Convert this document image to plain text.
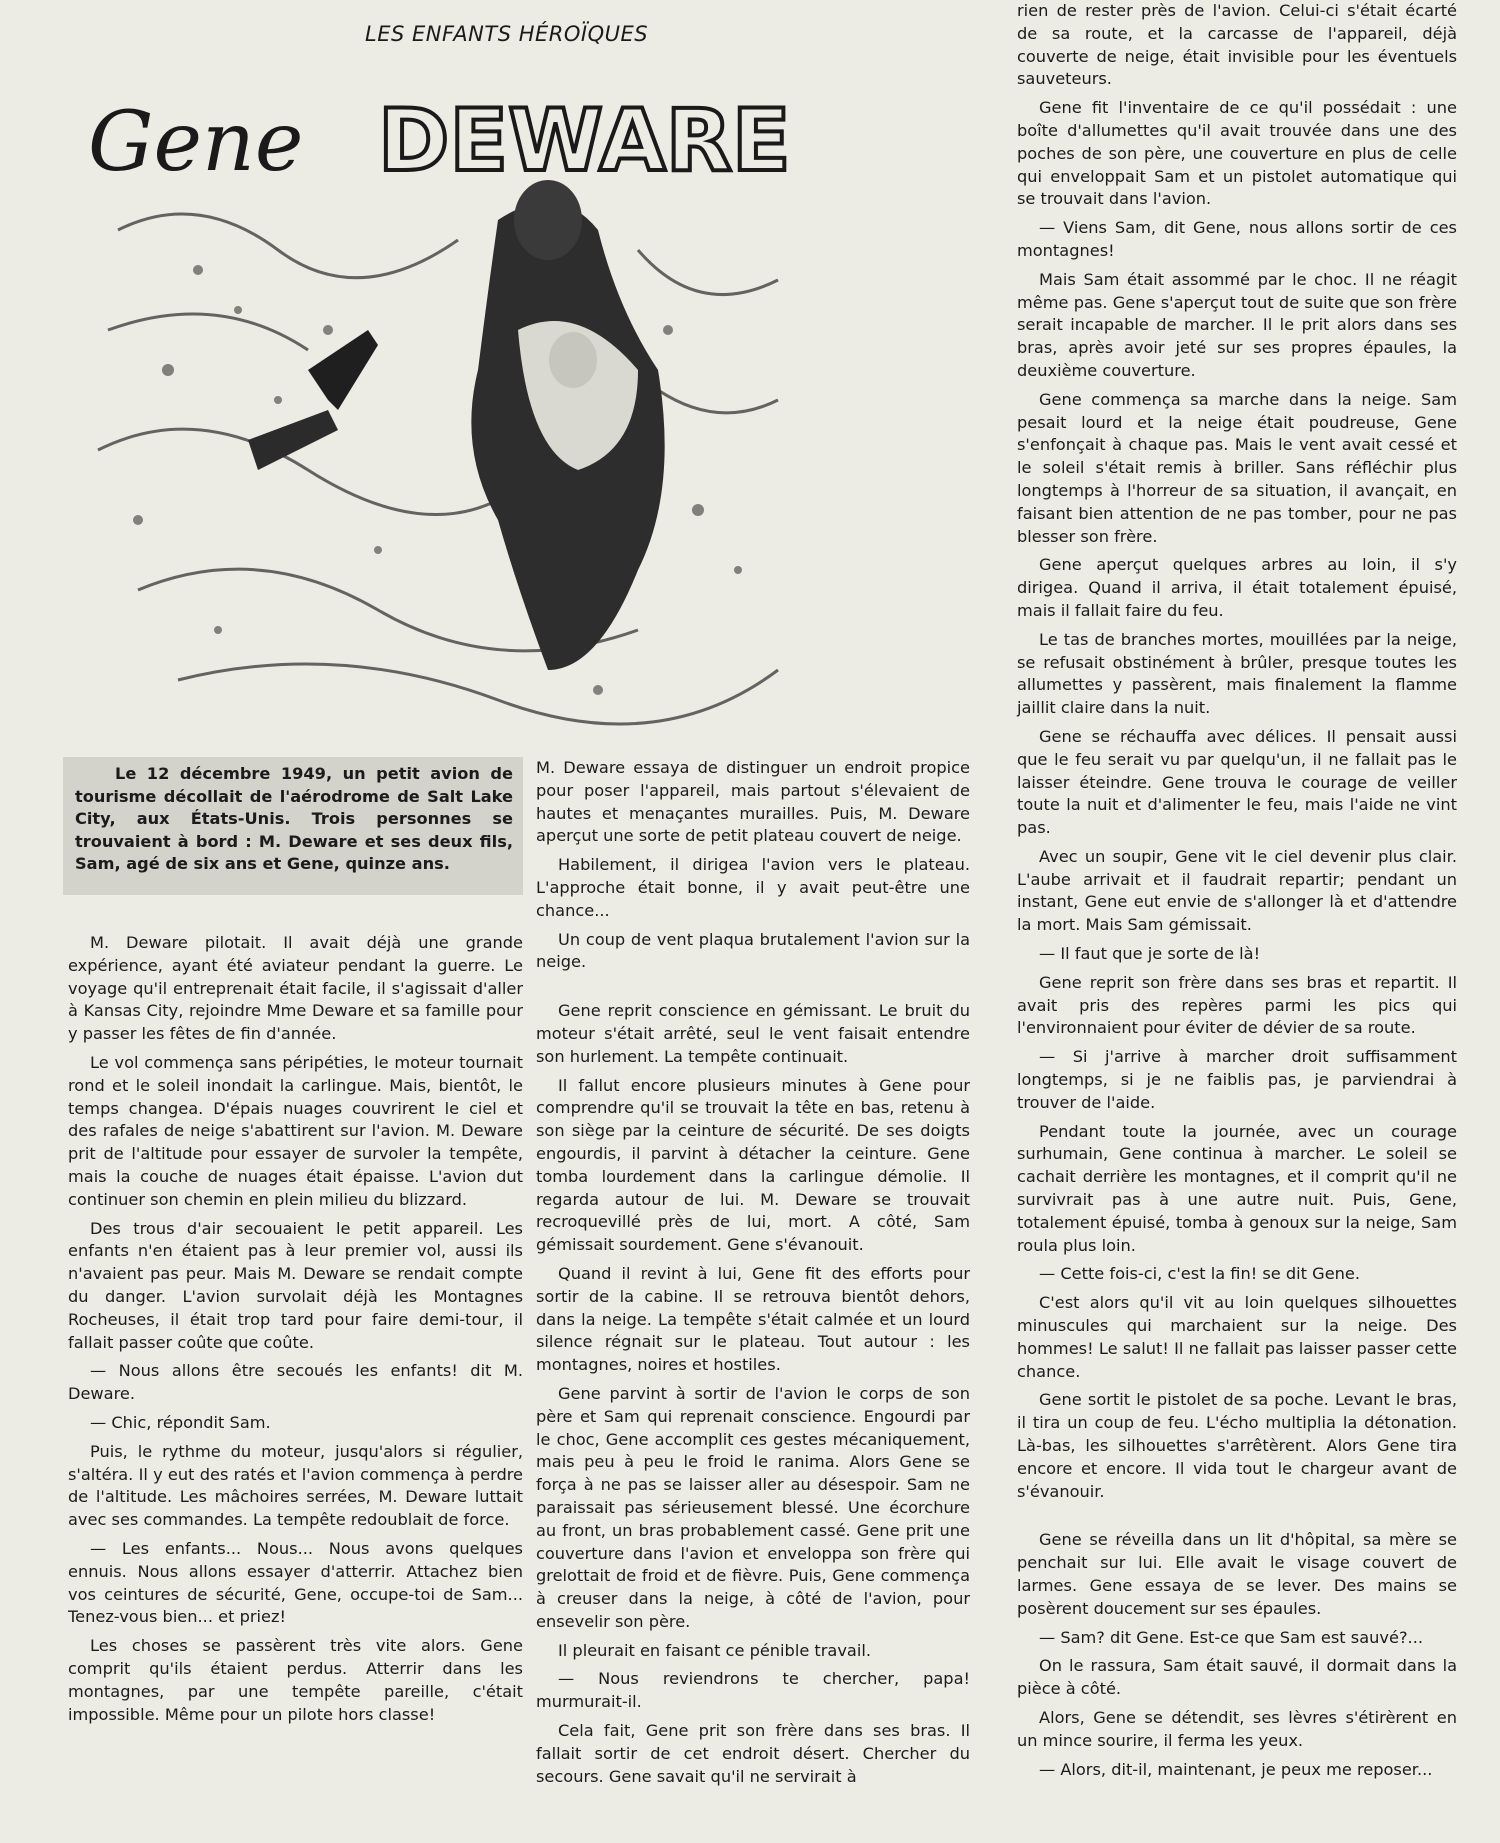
LES ENFANTS HÉROÏQUES
Gene DEWARE

Le 12 décembre 1949, un petit avion de tourisme décollait de l'aérodrome de Salt Lake City, aux États-Unis. Trois personnes se trouvaient à bord : M. Deware et ses deux fils, Sam, agé de six ans et Gene, quinze ans.

M. Deware pilotait. Il avait déjà une grande expérience, ayant été aviateur pendant la guerre. Le voyage qu'il entreprenait était facile, il s'agissait d'aller à Kansas City, rejoindre Mme Deware et sa famille pour y passer les fêtes de fin d'année.

Le vol commença sans péripéties, le moteur tournait rond et le soleil inondait la carlingue. Mais, bientôt, le temps changea. D'épais nuages couvrirent le ciel et des rafales de neige s'abattirent sur l'avion. M. Deware prit de l'altitude pour essayer de survoler la tempête, mais la couche de nuages était épaisse. L'avion dut continuer son chemin en plein milieu du blizzard.

Des trous d'air secouaient le petit appareil. Les enfants n'en étaient pas à leur premier vol, aussi ils n'avaient pas peur. Mais M. Deware se rendait compte du danger. L'avion survolait déjà les Montagnes Rocheuses, il était trop tard pour faire demi-tour, il fallait passer coûte que coûte.

— Nous allons être secoués les enfants! dit M. Deware.

— Chic, répondit Sam.

Puis, le rythme du moteur, jusqu'alors si régulier, s'altéra. Il y eut des ratés et l'avion commença à perdre de l'altitude. Les mâchoires serrées, M. Deware luttait avec ses commandes. La tempête redoublait de force.

— Les enfants... Nous... Nous avons quelques ennuis. Nous allons essayer d'atterrir. Attachez bien vos ceintures de sécurité, Gene, occupe-toi de Sam... Tenez-vous bien... et priez!

Les choses se passèrent très vite alors. Gene comprit qu'ils étaient perdus. Atterrir dans les montagnes, par une tempête pareille, c'était impossible. Même pour un pilote hors classe!

M. Deware essaya de distinguer un endroit propice pour poser l'appareil, mais partout s'élevaient de hautes et menaçantes murailles. Puis, M. Deware aperçut une sorte de petit plateau couvert de neige.

Habilement, il dirigea l'avion vers le plateau. L'approche était bonne, il y avait peut-être une chance...

Un coup de vent plaqua brutalement l'avion sur la neige.

Gene reprit conscience en gémissant. Le bruit du moteur s'était arrêté, seul le vent faisait entendre son hurlement. La tempête continuait.

Il fallut encore plusieurs minutes à Gene pour comprendre qu'il se trouvait la tête en bas, retenu à son siège par la ceinture de sécurité. De ses doigts engourdis, il parvint à détacher la ceinture. Gene tomba lourdement dans la carlingue démolie. Il regarda autour de lui. M. Deware se trouvait recroquevillé près de lui, mort. A côté, Sam gémissait sourdement. Gene s'évanouit.

Quand il revint à lui, Gene fit des efforts pour sortir de la cabine. Il se retrouva bientôt dehors, dans la neige. La tempête s'était calmée et un lourd silence régnait sur le plateau. Tout autour : les montagnes, noires et hostiles.

Gene parvint à sortir de l'avion le corps de son père et Sam qui reprenait conscience. Engourdi par le choc, Gene accomplit ces gestes mécaniquement, mais peu à peu le froid le ranima. Alors Gene se força à ne pas se laisser aller au désespoir. Sam ne paraissait pas sérieusement blessé. Une écorchure au front, un bras probablement cassé. Gene prit une couverture dans l'avion et enveloppa son frère qui grelottait de froid et de fièvre. Puis, Gene commença à creuser dans la neige, à côté de l'avion, pour ensevelir son père.

Il pleurait en faisant ce pénible travail.

— Nous reviendrons te chercher, papa! murmurait-il.

Cela fait, Gene prit son frère dans ses bras. Il fallait sortir de cet endroit désert. Chercher du secours. Gene savait qu'il ne servirait à

rien de rester près de l'avion. Celui-ci s'était écarté de sa route, et la carcasse de l'appareil, déjà couverte de neige, était invisible pour les éventuels sauveteurs.

Gene fit l'inventaire de ce qu'il possédait : une boîte d'allumettes qu'il avait trouvée dans une des poches de son père, une couverture en plus de celle qui enveloppait Sam et un pistolet automatique qui se trouvait dans l'avion.

— Viens Sam, dit Gene, nous allons sortir de ces montagnes!

Mais Sam était assommé par le choc. Il ne réagit même pas. Gene s'aperçut tout de suite que son frère serait incapable de marcher. Il le prit alors dans ses bras, après avoir jeté sur ses propres épaules, la deuxième couverture.

Gene commença sa marche dans la neige. Sam pesait lourd et la neige était poudreuse, Gene s'enfonçait à chaque pas. Mais le vent avait cessé et le soleil s'était remis à briller. Sans réfléchir plus longtemps à l'horreur de sa situation, il avançait, en faisant bien attention de ne pas tomber, pour ne pas blesser son frère.

Gene aperçut quelques arbres au loin, il s'y dirigea. Quand il arriva, il était totalement épuisé, mais il fallait faire du feu.

Le tas de branches mortes, mouillées par la neige, se refusait obstinément à brûler, presque toutes les allumettes y passèrent, mais finalement la flamme jaillit claire dans la nuit.

Gene se réchauffa avec délices. Il pensait aussi que le feu serait vu par quelqu'un, il ne fallait pas le laisser éteindre. Gene trouva le courage de veiller toute la nuit et d'alimenter le feu, mais l'aide ne vint pas.

Avec un soupir, Gene vit le ciel devenir plus clair. L'aube arrivait et il faudrait repartir; pendant un instant, Gene eut envie de s'allonger là et d'attendre la mort. Mais Sam gémissait.

— Il faut que je sorte de là!

Gene reprit son frère dans ses bras et repartit. Il avait pris des repères parmi les pics qui l'environnaient pour éviter de dévier de sa route.

— Si j'arrive à marcher droit suffisamment longtemps, si je ne faiblis pas, je parviendrai à trouver de l'aide.

Pendant toute la journée, avec un courage surhumain, Gene continua à marcher. Le soleil se cachait derrière les montagnes, et il comprit qu'il ne survivrait pas à une autre nuit. Puis, Gene, totalement épuisé, tomba à genoux sur la neige, Sam roula plus loin.

— Cette fois-ci, c'est la fin! se dit Gene.

C'est alors qu'il vit au loin quelques silhouettes minuscules qui marchaient sur la neige. Des hommes! Le salut! Il ne fallait pas laisser passer cette chance.

Gene sortit le pistolet de sa poche. Levant le bras, il tira un coup de feu. L'écho multiplia la détonation. Là-bas, les silhouettes s'arrêtèrent. Alors Gene tira encore et encore. Il vida tout le chargeur avant de s'évanouir.

Gene se réveilla dans un lit d'hôpital, sa mère se penchait sur lui. Elle avait le visage couvert de larmes. Gene essaya de se lever. Des mains se posèrent doucement sur ses épaules.

— Sam? dit Gene. Est-ce que Sam est sauvé?...

On le rassura, Sam était sauvé, il dormait dans la pièce à côté.

Alors, Gene se détendit, ses lèvres s'étirèrent en un mince sourire, il ferma les yeux.

— Alors, dit-il, maintenant, je peux me reposer...
